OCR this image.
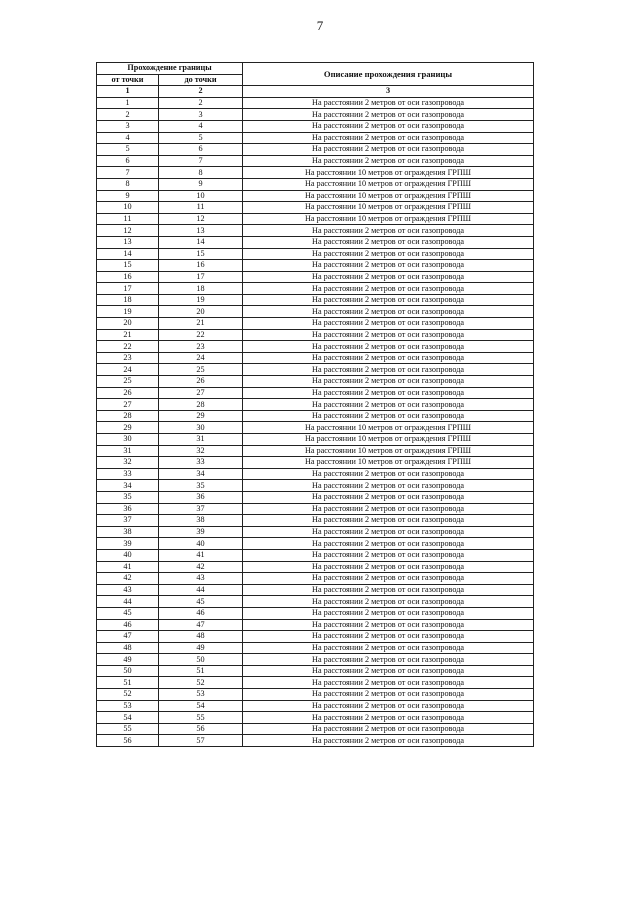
7
Прохождение границы		Описание прохождения границы
от точки	до точки	
1	2	3
1	2	На расстоянии 2 метров от оси газопровода
2	3	На расстоянии 2 метров от оси газопровода
3	4	На расстоянии 2 метров от оси газопровода
4	5	На расстоянии 2 метров от оси газопровода
5	6	На расстоянии 2 метров от оси газопровода
6	7	На расстоянии 2 метров от оси газопровода
7	8	На расстоянии 10 метров от ограждения ГРПШ
8	9	На расстоянии 10 метров от ограждения ГРПШ
9	10	На расстоянии 10 метров от ограждения ГРПШ
10	11	На расстоянии 10 метров от ограждения ГРПШ
11	12	На расстоянии 10 метров от ограждения ГРПШ
12	13	На расстоянии 2 метров от оси газопровода
13	14	На расстоянии 2 метров от оси газопровода
14	15	На расстоянии 2 метров от оси газопровода
15	16	На расстоянии 2 метров от оси газопровода
16	17	На расстоянии 2 метров от оси газопровода
17	18	На расстоянии 2 метров от оси газопровода
18	19	На расстоянии 2 метров от оси газопровода
19	20	На расстоянии 2 метров от оси газопровода
20	21	На расстоянии 2 метров от оси газопровода
21	22	На расстоянии 2 метров от оси газопровода
22	23	На расстоянии 2 метров от оси газопровода
23	24	На расстоянии 2 метров от оси газопровода
24	25	На расстоянии 2 метров от оси газопровода
25	26	На расстоянии 2 метров от оси газопровода
26	27	На расстоянии 2 метров от оси газопровода
27	28	На расстоянии 2 метров от оси газопровода
28	29	На расстоянии 2 метров от оси газопровода
29	30	На расстоянии 10 метров от ограждения ГРПШ
30	31	На расстоянии 10 метров от ограждения ГРПШ
31	32	На расстоянии 10 метров от ограждения ГРПШ
32	33	На расстоянии 10 метров от ограждения ГРПШ
33	34	На расстоянии 2 метров от оси газопровода
34	35	На расстоянии 2 метров от оси газопровода
35	36	На расстоянии 2 метров от оси газопровода
36	37	На расстоянии 2 метров от оси газопровода
37	38	На расстоянии 2 метров от оси газопровода
38	39	На расстоянии 2 метров от оси газопровода
39	40	На расстоянии 2 метров от оси газопровода
40	41	На расстоянии 2 метров от оси газопровода
41	42	На расстоянии 2 метров от оси газопровода
42	43	На расстоянии 2 метров от оси газопровода
43	44	На расстоянии 2 метров от оси газопровода
44	45	На расстоянии 2 метров от оси газопровода
45	46	На расстоянии 2 метров от оси газопровода
46	47	На расстоянии 2 метров от оси газопровода
47	48	На расстоянии 2 метров от оси газопровода
48	49	На расстоянии 2 метров от оси газопровода
49	50	На расстоянии 2 метров от оси газопровода
50	51	На расстоянии 2 метров от оси газопровода
51	52	На расстоянии 2 метров от оси газопровода
52	53	На расстоянии 2 метров от оси газопровода
53	54	На расстоянии 2 метров от оси газопровода
54	55	На расстоянии 2 метров от оси газопровода
55	56	На расстоянии 2 метров от оси газопровода
56	57	На расстоянии 2 метров от оси газопровода
